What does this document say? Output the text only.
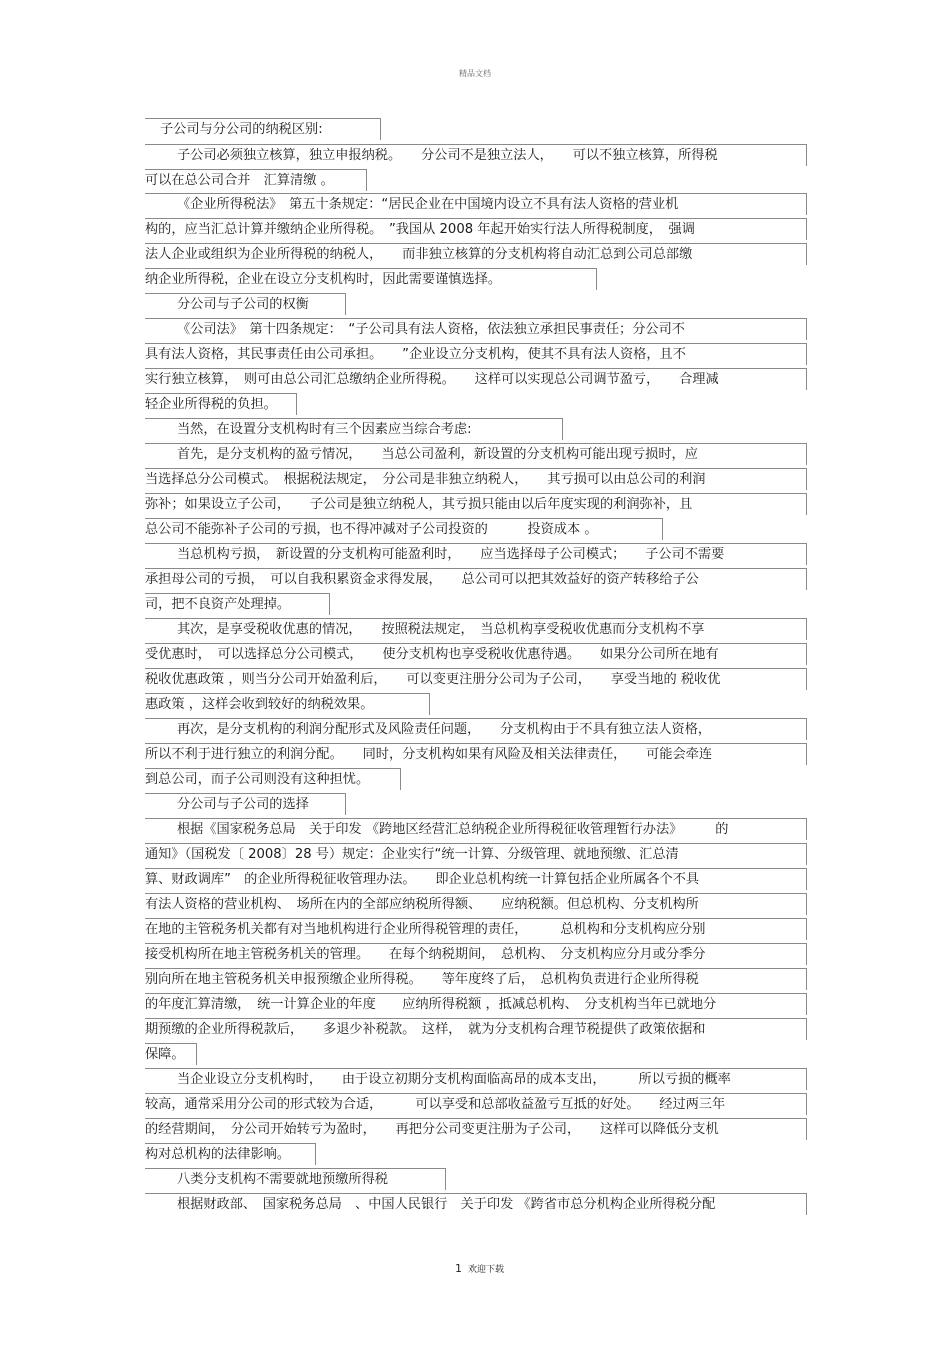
精品文档
子公司与分公司的纳税区别:
子公司必须独立核算，独立申报纳税。　　分公司不是独立法人，　　可以不独立核算，所得税
可以在总公司合并　汇算清缴 。
《企业所得税法》　第五十条规定：“居民企业在中国境内设立不具有法人资格的营业机
构的，应当汇总计算并缴纳企业所得税。　”我国从 2008 年起开始实行法人所得税制度，　强调
法人企业或组织为企业所得税的纳税人，　　而非独立核算的分支机构将自动汇总到公司总部缴
纳企业所得税，企业在设立分支机构时，因此需要谨慎选择。
分公司与子公司的权衡
《公司法》　第十四条规定：　“子公司具有法人资格，依法独立承担民事责任；分公司不
具有法人资格，其民事责任由公司承担。　　”企业设立分支机构，使其不具有法人资格，且不
实行独立核算，　则可由总公司汇总缴纳企业所得税。　　这样可以实现总公司调节盈亏，　　合理减
轻企业所得税的负担。
当然，在设置分支机构时有三个因素应当综合考虑:
首先，是分支机构的盈亏情况，　　当总公司盈利，新设置的分支机构可能出现亏损时，应
当选择总分公司模式。　根据税法规定，　分公司是非独立纳税人，　　其亏损可以由总公司的利润
弥补；如果设立子公司，　　子公司是独立纳税人，其亏损只能由以后年度实现的利润弥补，且
总公司不能弥补子公司的亏损，也不得冲减对子公司投资的　　　投资成本 。
当总机构亏损，　新设置的分支机构可能盈利时，　　应当选择母子公司模式；　　子公司不需要
承担母公司的亏损，　可以自我积累资金求得发展，　　总公司可以把其效益好的资产转移给子公
司，把不良资产处理掉。
其次，是享受税收优惠的情况，　　按照税法规定，　当总机构享受税收优惠而分支机构不享
受优惠时，　可以选择总分公司模式，　　使分支机构也享受税收优惠待遇。　　如果分公司所在地有
税收优惠政策 ，则当分公司开始盈利后，　　可以变更注册分公司为子公司，　　享受当地的 税收优
惠政策 ，这样会收到较好的纳税效果。
再次，是分支机构的利润分配形式及风险责任问题，　　分支机构由于不具有独立法人资格，
所以不利于进行独立的利润分配。　　同时，分支机构如果有风险及相关法律责任，　　可能会牵连
到总公司，而子公司则没有这种担忧。
分公司与子公司的选择
根据《国家税务总局　关于印发 《跨地区经营汇总纳税企业所得税征收管理暂行办法》　　　的
通知》（国税发〔 2008〕28 号）规定：企业实行“统一计算、分级管理、就地预缴、汇总清
算、财政调库”　的企业所得税征收管理办法。　　即企业总机构统一计算包括企业所属各个不具
有法人资格的营业机构、　场所在内的全部应纳税所得额、　　应纳税额。但总机构、分支机构所
在地的主管税务机关都有对当地机构进行企业所得税管理的责任，　　　总机构和分支机构应分别
接受机构所在地主管税务机关的管理。　　在每个纳税期间，　总机构、　分支机构应分月或分季分
别向所在地主管税务机关申报预缴企业所得税。　　等年度终了后，　总机构负责进行企业所得税
的年度汇算清缴，　统一计算企业的年度　　应纳所得税额 ，抵减总机构、　分支机构当年已就地分
期预缴的企业所得税款后，　　多退少补税款。　这样，　就为分支机构合理节税提供了政策依据和
保障。
当企业设立分支机构时，　　由于设立初期分支机构面临高昂的成本支出，　　　所以亏损的概率
较高，通常采用分公司的形式较为合适，　　　可以享受和总部收益盈亏互抵的好处。　　经过两三年
的经营期间，　分公司开始转亏为盈时，　　再把分公司变更注册为子公司，　　这样可以降低分支机
构对总机构的法律影响。
八类分支机构不需要就地预缴所得税
根据财政部、　国家税务总局　、中国人民银行　关于印发 《跨省市总分机构企业所得税分配
1 欢迎下载
